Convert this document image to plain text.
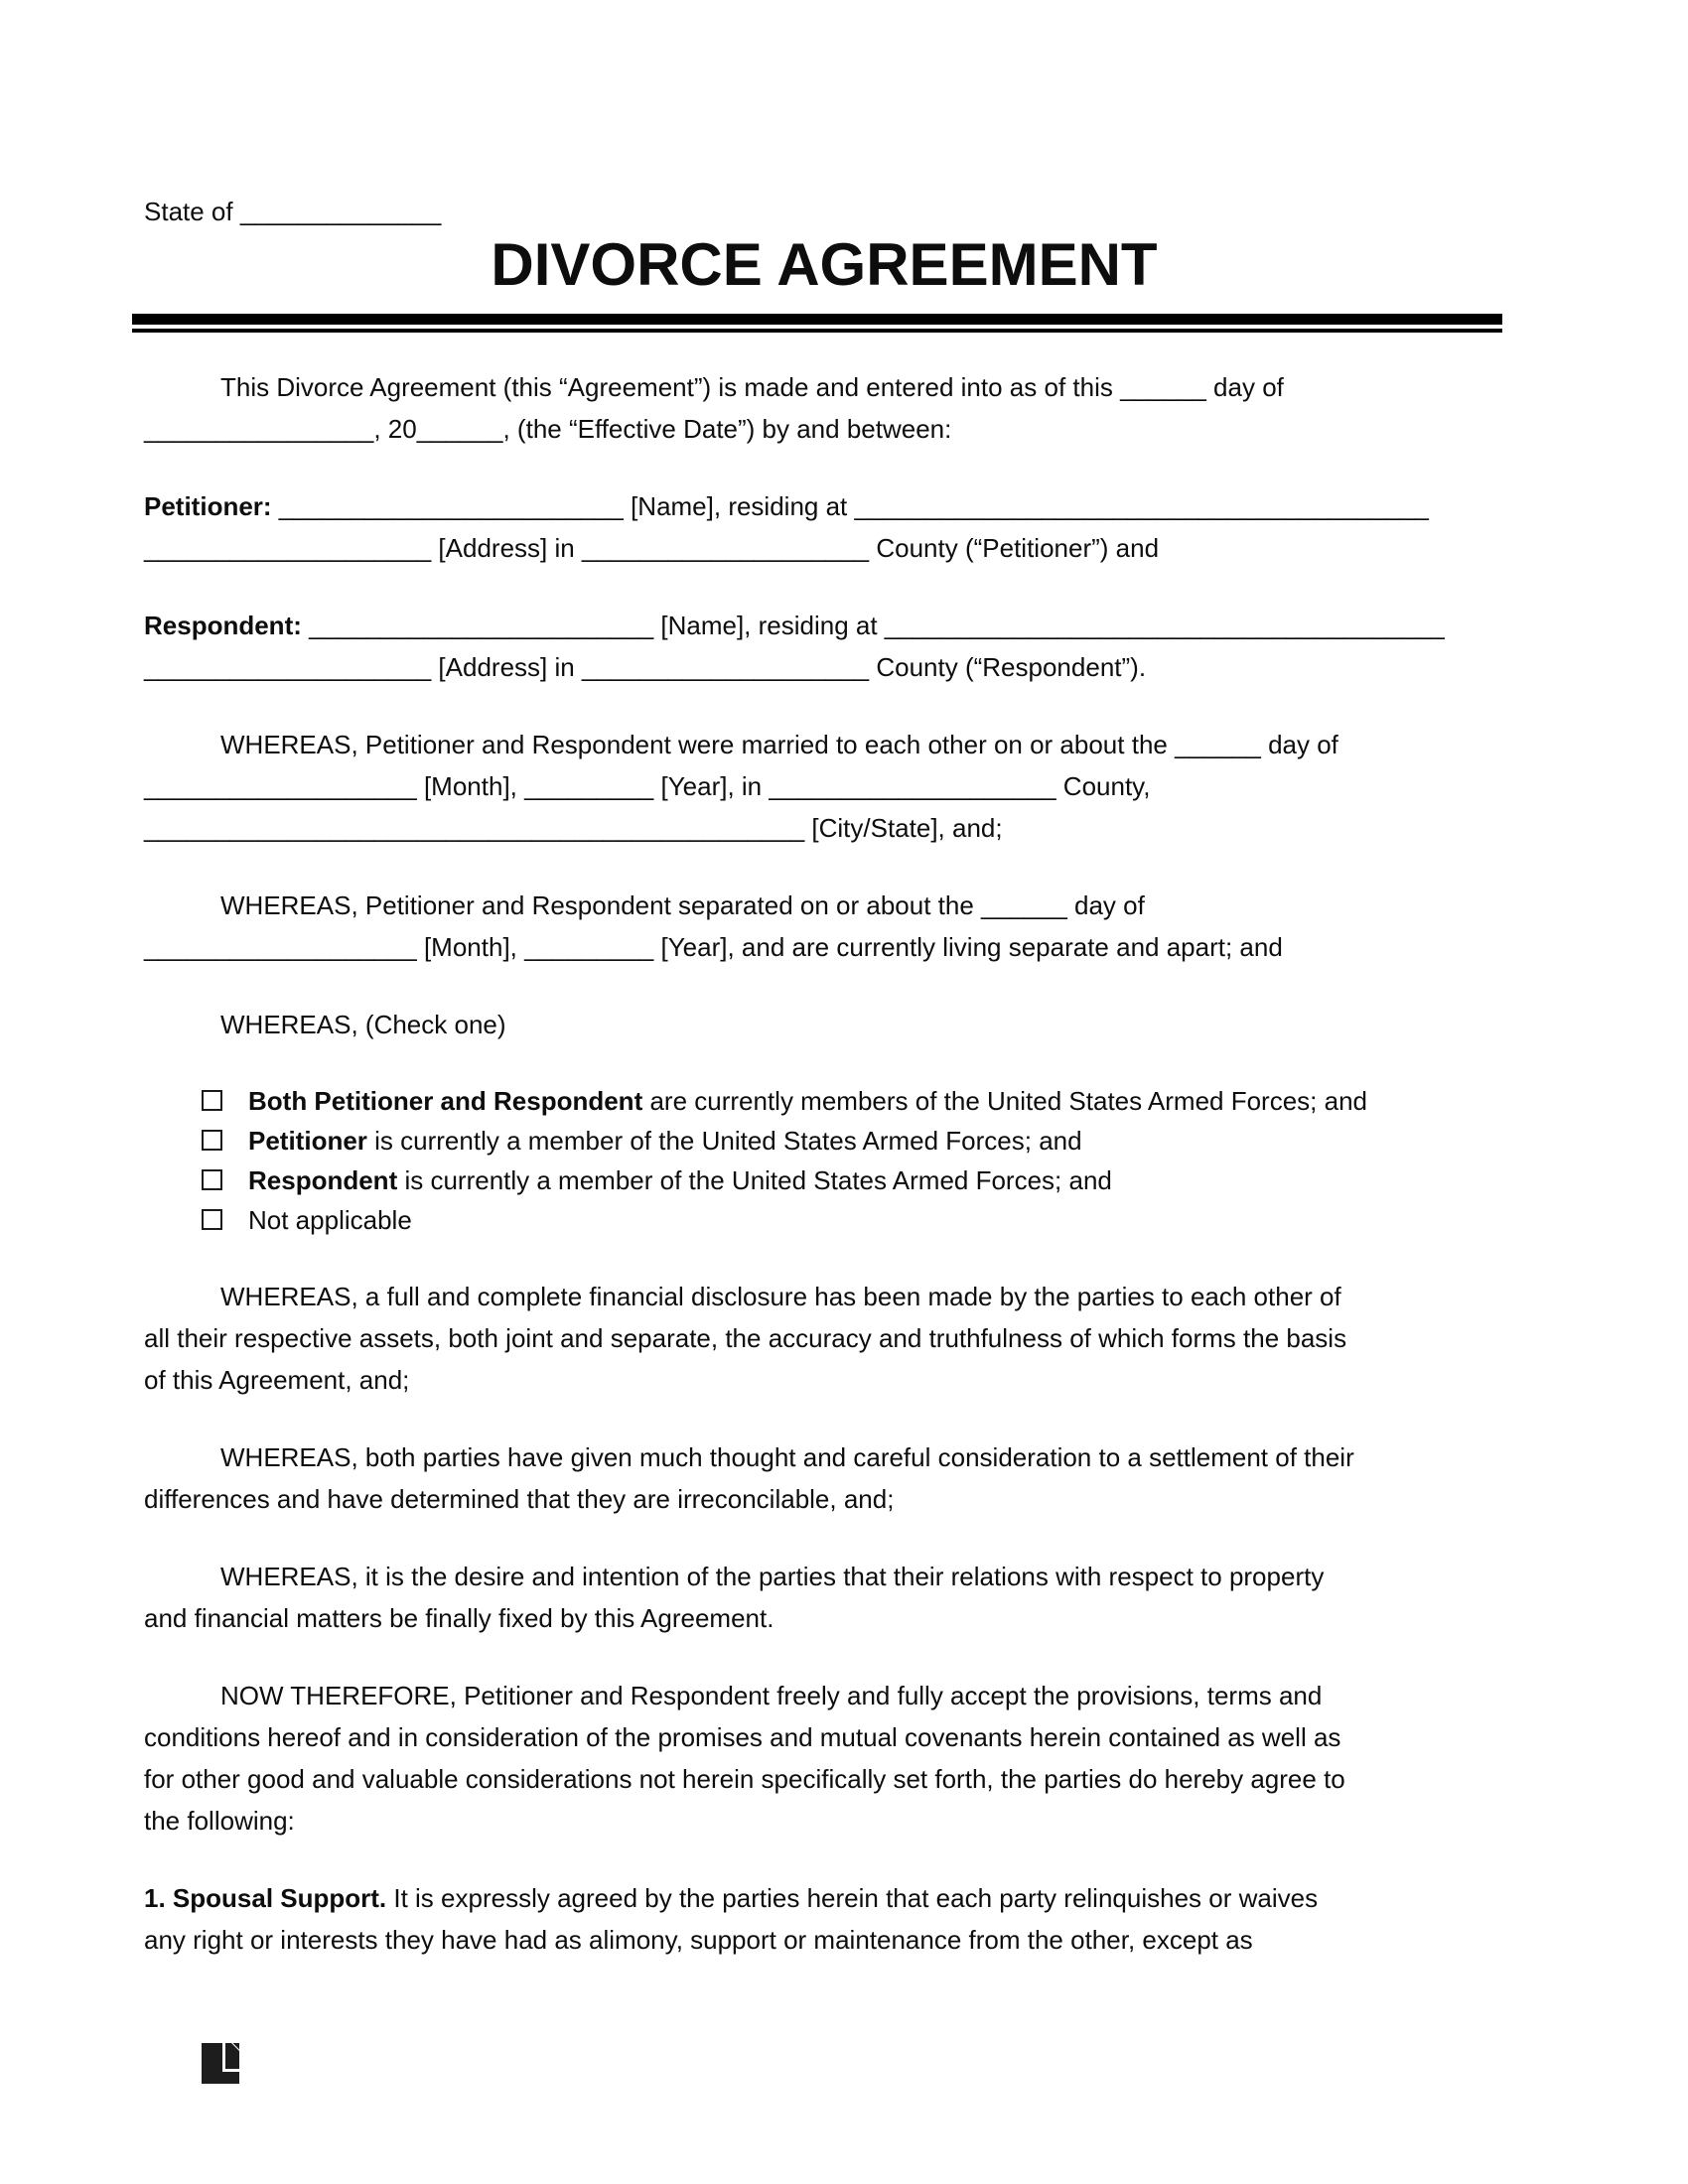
State of ______________
DIVORCE AGREEMENT
This Divorce Agreement (this “Agreement”) is made and entered into as of this ______ day of
________________, 20______, (the “Effective Date”) by and between:
Petitioner: ________________________ [Name], residing at ________________________________________
____________________ [Address] in ____________________ County (“Petitioner”) and
Respondent: ________________________ [Name], residing at _______________________________________
____________________ [Address] in ____________________ County (“Respondent”).
WHEREAS, Petitioner and Respondent were married to each other on or about the ______ day of
___________________ [Month], _________ [Year], in ____________________ County,
______________________________________________ [City/State], and;
WHEREAS, Petitioner and Respondent separated on or about the ______ day of
___________________ [Month], _________ [Year], and are currently living separate and apart; and
WHEREAS, (Check one)
Both Petitioner and Respondent are currently members of the United States Armed Forces; and
Petitioner is currently a member of the United States Armed Forces; and
Respondent is currently a member of the United States Armed Forces; and
Not applicable
WHEREAS, a full and complete financial disclosure has been made by the parties to each other of
all their respective assets, both joint and separate, the accuracy and truthfulness of which forms the basis
of this Agreement, and;
WHEREAS, both parties have given much thought and careful consideration to a settlement of their
differences and have determined that they are irreconcilable, and;
WHEREAS, it is the desire and intention of the parties that their relations with respect to property
and financial matters be finally fixed by this Agreement.
NOW THEREFORE, Petitioner and Respondent freely and fully accept the provisions, terms and
conditions hereof and in consideration of the promises and mutual covenants herein contained as well as
for other good and valuable considerations not herein specifically set forth, the parties do hereby agree to
the following:
1. Spousal Support. It is expressly agreed by the parties herein that each party relinquishes or waives
any right or interests they have had as alimony, support or maintenance from the other, except as
